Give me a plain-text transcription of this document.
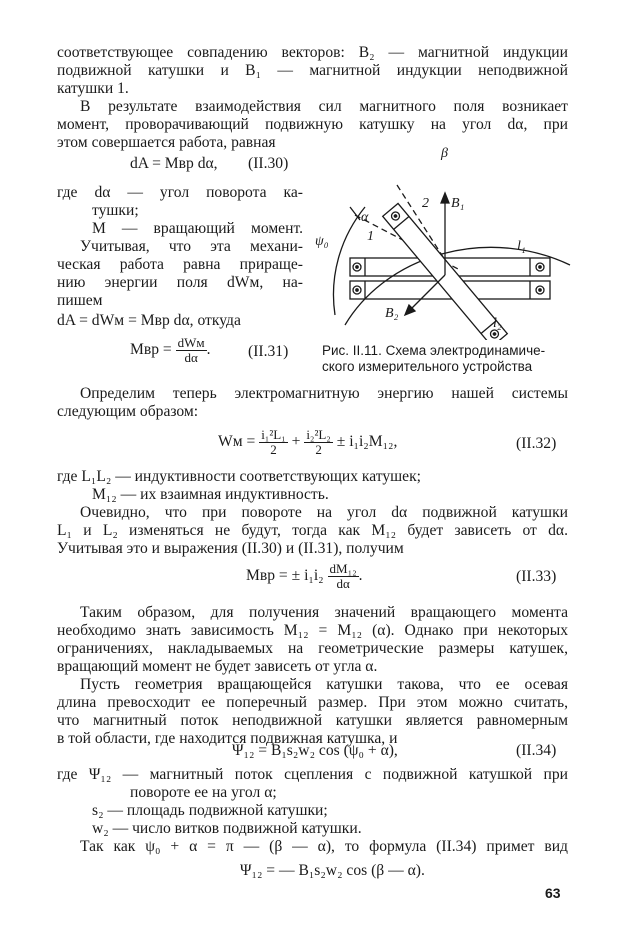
соответствующее совпадению векторов: B₂ — магнитной индукции
подвижной катушки и B₁ — магнитной индукции неподвижной
катушки 1.
В результате взаимодействия сил магнитного поля возникает
момент, проворачивающий подвижную катушку на угол dα, при
этом совершается работа, равная
dA = Mвр dα, (II.30)
где dα — угол поворота ка-
тушки;
M — вращающий момент.
Учитывая, что эта механи-
ческая работа равна прираще-
нию энергии поля dWм, на-
пишем
dA = dWм = Mвр dα, откуда
Mвр = $\frac{\text{dWм}}{d\alpha}$ . (II.31) Рис. II.11. Схема электродинамиче-
ского измерительного устройства
Определим теперь электромагнитную энергию нашей системы
следующим образом:
Wм = $\frac{\text{i₁²L₁}}{2} + \frac{\text{i₂²L₂}}{2} \pm i_1i_2M_{12}$,	(II.32)
где L₁L₂ — индуктивности соответствующих катушек;
M₁₂ — их взаимная индуктивность.
Очевидно, что при повороте на угол dα подвижной катушки
L₁ и L₂ изменяться не будут, тогда как M₁₂ будет зависеть от dα.
Учитывая это и выражения (II.30) и (II.31), получим
Mвр = ± $i_1i_2 \frac{\text{dM₁₂}}{d\alpha}$ .	(II.33)
Таким образом, для получения значений вращающего момента
необходимо знать зависимость M₁₂ = M₁₂ (α). Однако при некоторых
ограничениях, накладываемых на геометрические размеры катушек,
вращающий момент не будет зависеть от угла α.
Пусть геометрия вращающейся катушки такова, что ее осевая
длина превосходит ее поперечный размер. При этом можно считать,
что магнитный поток неподвижной катушки является равномерным
в той области, где находится подвижная катушка, и
Ψ₁₂ = B₁s₂w₂ cos (ψ₀ + α),	(II.34)
где Ψ₁₂ — магнитный поток сцепления с подвижной катушкой при
повороте ее на угол α;
s₂ — площадь подвижной катушки;
w₂ — число витков подвижной катушки.
Так как ψ₀ + α = π — (β — α), то формула (II.34) примет вид
Ψ₁₂ = — B₁s₂w₂ cos (β — α).
63
β
α
ψ₀	1
2 B₁
B₂
l₁
l₂
